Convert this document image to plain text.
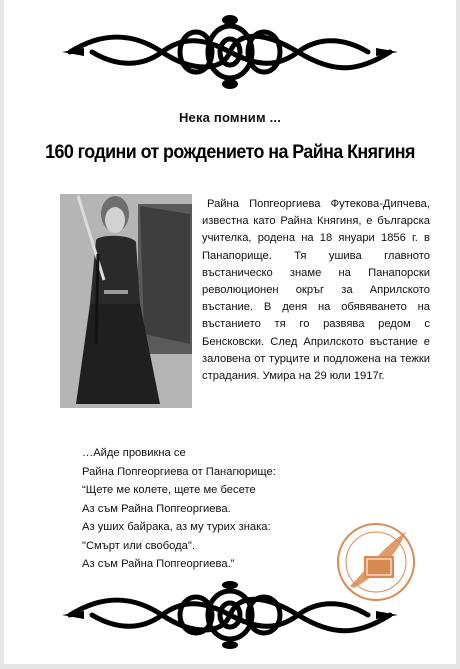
Нека помним ...
160 години от рождението на Райна Княгиня
Райна Попгеоргиева Футекова-Дипчева, известна като Райна Княгиня, е българска учителка, родена на 18 януари 1856 г. в Панапорище. Тя ушива главното въстаническо знаме на Панапорски революционен окръг за Априлското въстание. В деня на обявяването на въстанието тя го развява редом с Бенсковски. След Априлското въстание е заловена от турците и подложена на тежки страдания. Умира на 29 юли 1917г.
…Айде провикна се
Райна Попгеоргиева от Панагюрище:
“Щете ме колете, щете ме бесете
Аз съм Райна Попгеоргиева.
Аз уших байрака, аз му турих знака:
"Смърт или свобода".
Аз съм Райна Попгеоргиева.”
